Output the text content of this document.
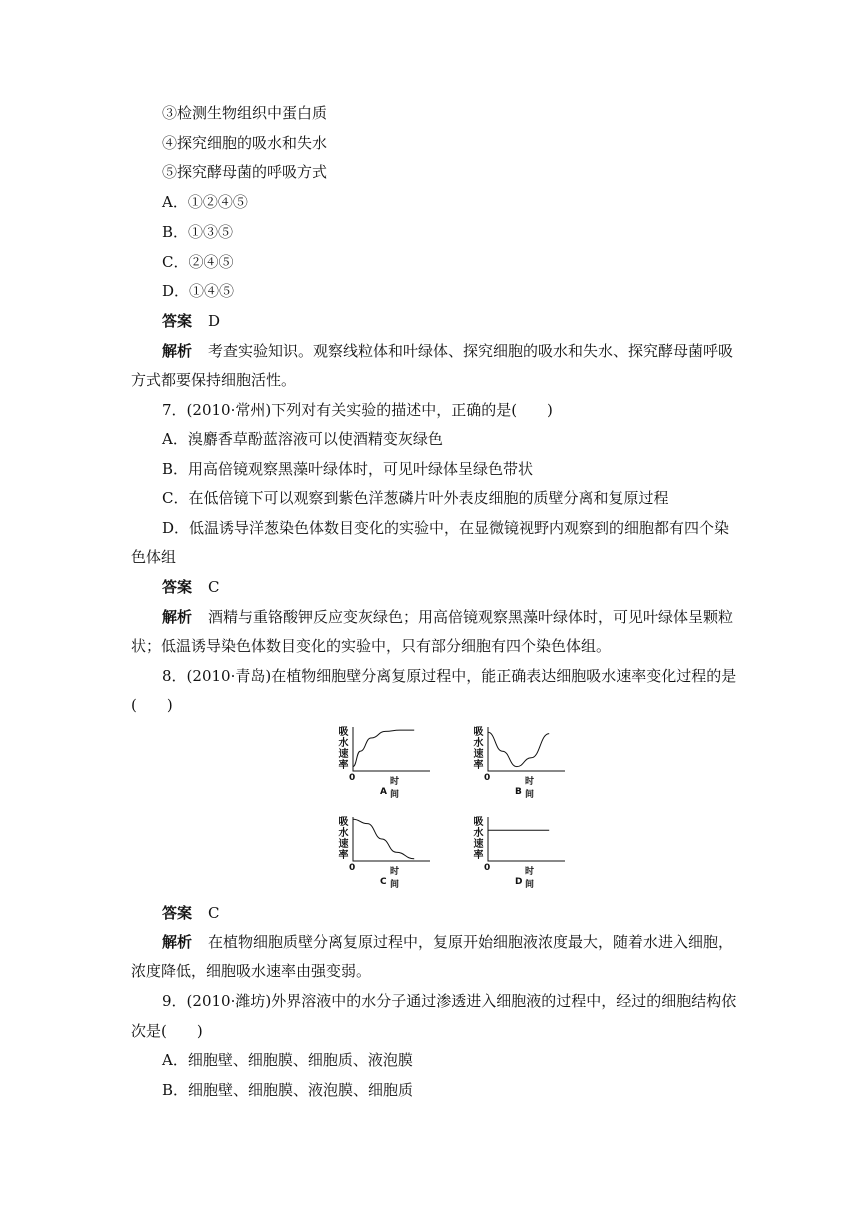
③检测生物组织中蛋白质
④探究细胞的吸水和失水
⑤探究酵母菌的呼吸方式
A．①②④⑤
B．①③⑤
C．②④⑤
D．①④⑤
答案 D
解析 考查实验知识。观察线粒体和叶绿体、探究细胞的吸水和失水、探究酵母菌呼吸
方式都要保持细胞活性。
7．(2010·常州)下列对有关实验的描述中，正确的是(　　)
A．溴麝香草酚蓝溶液可以使酒精变灰绿色
B．用高倍镜观察黑藻叶绿体时，可见叶绿体呈绿色带状
C．在低倍镜下可以观察到紫色洋葱磷片叶外表皮细胞的质壁分离和复原过程
D．低温诱导洋葱染色体数目变化的实验中，在显微镜视野内观察到的细胞都有四个染
色体组
答案 C
解析 酒精与重铬酸钾反应变灰绿色；用高倍镜观察黑藻叶绿体时，可见叶绿体呈颗粒
状；低温诱导染色体数目变化的实验中，只有部分细胞有四个染色体组。
8．(2010·青岛)在植物细胞壁分离复原过程中，能正确表达细胞吸水速率变化过程的是
(　　)
吸水速率
0	时间
A
吸水速率
0	时间
B
吸水速率
0	时间
C
吸水速率
0	时间
D
答案 C
解析 在植物细胞质壁分离复原过程中，复原开始细胞液浓度最大，随着水进入细胞，
浓度降低，细胞吸水速率由强变弱。
9．(2010·潍坊)外界溶液中的水分子通过渗透进入细胞液的过程中，经过的细胞结构依
次是(　　)
A．细胞壁、细胞膜、细胞质、液泡膜
B．细胞壁、细胞膜、液泡膜、细胞质
